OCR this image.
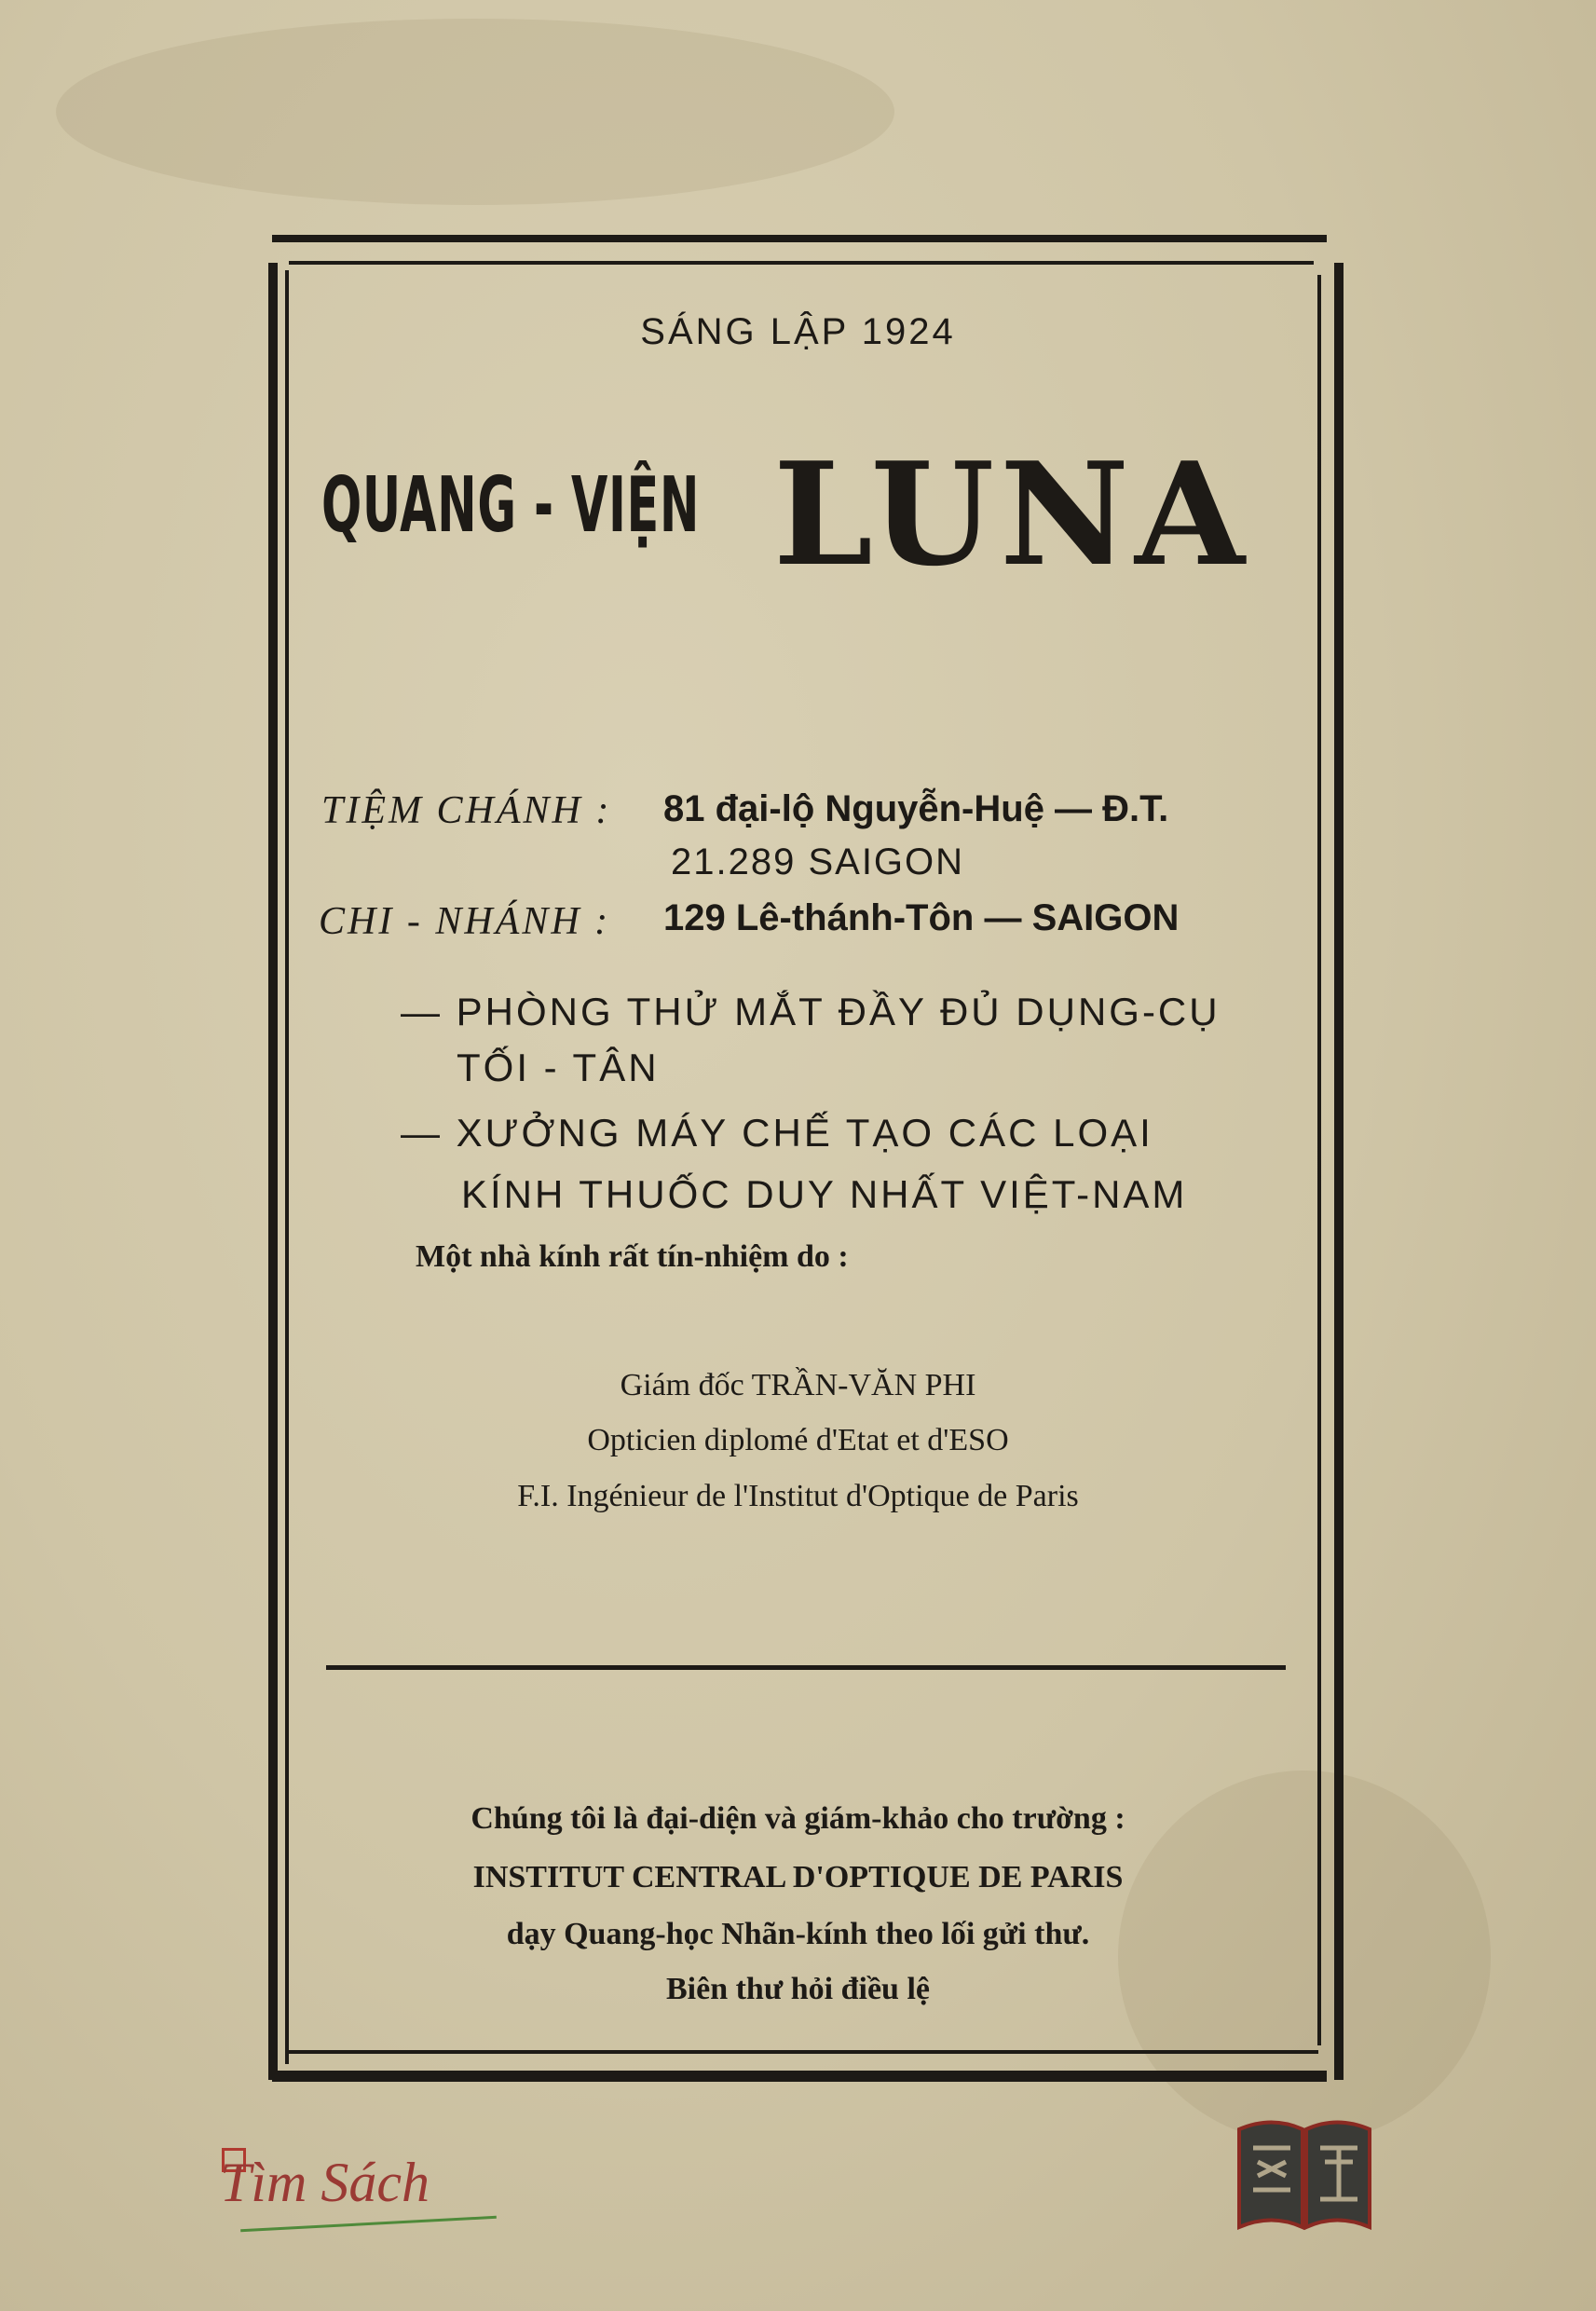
SÁNG LẬP 1924
QUANG - VIỆN LUNA
TIỆM CHÁNH : 81 đại-lộ Nguyễn-Huệ — Đ.T.
21.289 SAIGON
CHI - NHÁNH : 129 Lê-thánh-Tôn — SAIGON
— PHÒNG THỬ MẮT ĐẦY ĐỦ DỤNG-CỤ
TỐI - TÂN
— XƯỞNG MÁY CHẾ TẠO CÁC LOẠI
KÍNH THUỐC DUY NHẤT VIỆT-NAM
Một nhà kính rất tín-nhiệm do :
Giám đốc TRẦN-VĂN PHI
Opticien diplomé d'Etat et d'ESO
F.I. Ingénieur de l'Institut d'Optique de Paris
Chúng tôi là đại-diện và giám-khảo cho trường :
INSTITUT CENTRAL D'OPTIQUE DE PARIS
dạy Quang-học Nhãn-kính theo lối gửi thư.
Biên thư hỏi điều lệ
Tìm Sách
